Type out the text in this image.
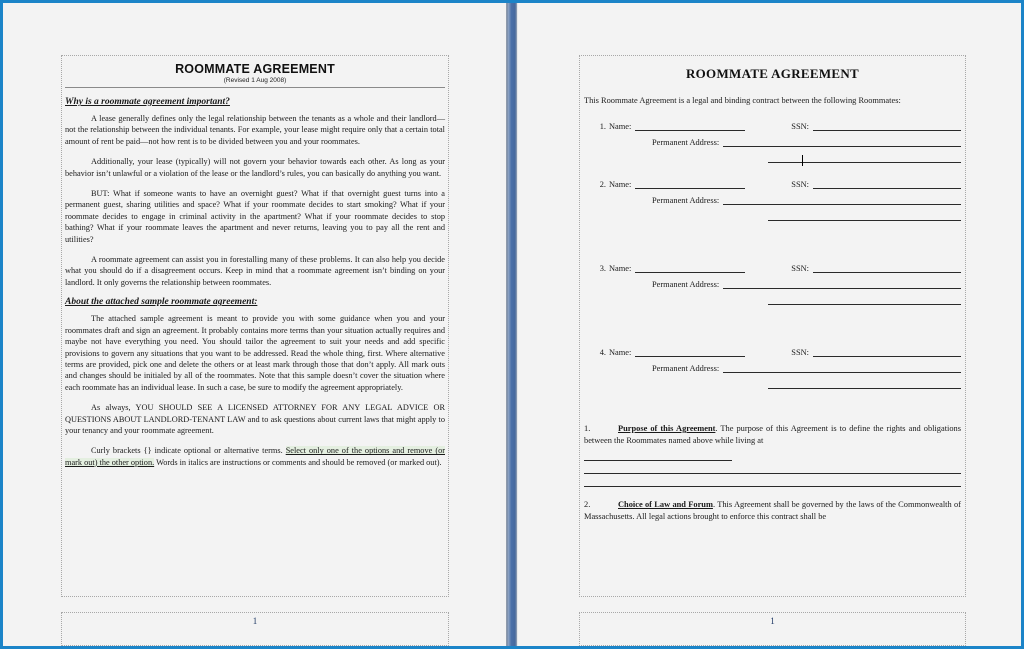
ROOMMATE AGREEMENT
(Revised 1 Aug 2008)
Why is a roommate agreement important?

A lease generally defines only the legal relationship between the tenants as a whole and their landlord—not the relationship between the individual tenants. For example, your lease might require only that a certain total amount of rent be paid—not how rent is to be divided between you and your roommates.

Additionally, your lease (typically) will not govern your behavior towards each other. As long as your behavior isn’t unlawful or a violation of the lease or the landlord’s rules, you can basically do anything you want.

BUT: What if someone wants to have an overnight guest? What if that overnight guest turns into a permanent guest, sharing utilities and space? What if your roommate decides to start smoking? What if your roommate decides to engage in criminal activity in the apartment? What if your roommate decides to stop bathing? What if your roommate leaves the apartment and never returns, leaving you to pay all the rent and utilities?

A roommate agreement can assist you in forestalling many of these problems. It can also help you decide what you should do if a disagreement occurs. Keep in mind that a roommate agreement isn’t binding on your landlord. It only governs the relationship between roommates.

About the attached sample roommate agreement:

The attached sample agreement is meant to provide you with some guidance when you and your roommates draft and sign an agreement. It probably contains more terms than your situation actually requires and maybe not have everything you need. You should tailor the agreement to suit your needs and add specific provisions to govern any situations that you want to be addressed. Read the whole thing, first. Where alternative terms are provided, pick one and delete the others or at least mark through those that don’t apply. All mark outs and changes should be initialed by all of the roommates. Note that this sample doesn’t cover the situation where each roommate has an individual lease. In such a case, be sure to modify the agreement appropriately.

As always, YOU SHOULD SEE A LICENSED ATTORNEY FOR ANY LEGAL ADVICE OR QUESTIONS ABOUT LANDLORD-TENANT LAW and to ask questions about current laws that might apply to your tenancy and your roommate agreement.

Curly brackets {} indicate optional or alternative terms. Select only one of the options and remove (or mark out) the other option. Words in italics are instructions or comments and should be removed (or marked out).

1
ROOMMATE AGREEMENT
This Roommate Agreement is a legal and binding contract between the following Roommates:
1. Name:	SSN:
Permanent Address:
2. Name:	SSN:
Permanent Address:
3. Name:	SSN:
Permanent Address:
4. Name:	SSN:
Permanent Address:
1.	Purpose of this Agreement. The purpose of this Agreement is to define the rights and obligations between the Roommates named above while living at
2.	Choice of Law and Forum. This Agreement shall be governed by the laws of the Commonwealth of Massachusetts. All legal actions brought to enforce this contract shall be
1
